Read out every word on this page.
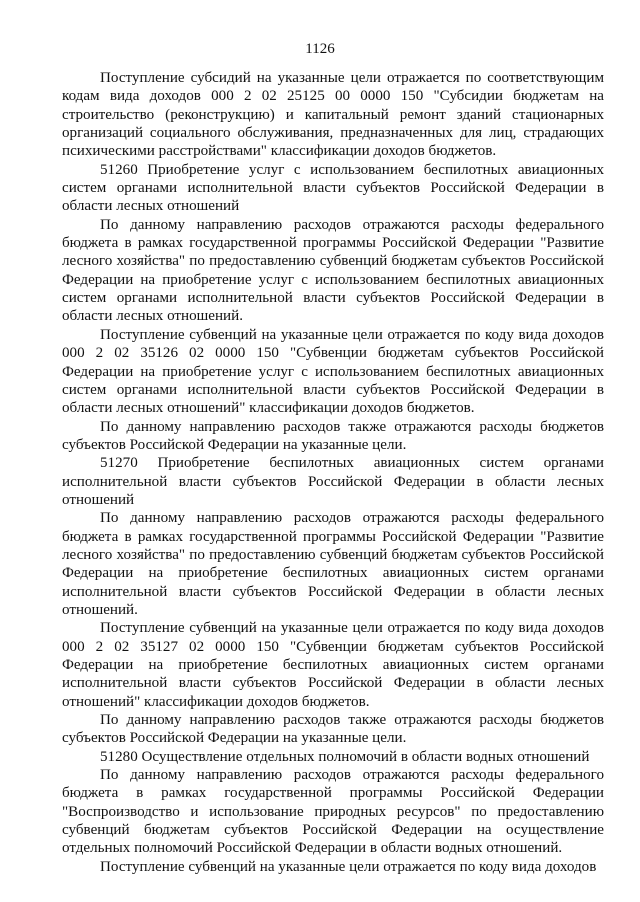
1126

Поступление субсидий на указанные цели отражается по соответствующим кодам вида доходов 000 2 02 25125 00 0000 150 "Субсидии бюджетам на строительство (реконструкцию) и капитальный ремонт зданий стационарных организаций социального обслуживания, предназначенных для лиц, страдающих психическими расстройствами" классификации доходов бюджетов.

51260 Приобретение услуг с использованием беспилотных авиационных систем органами исполнительной власти субъектов Российской Федерации в области лесных отношений

По данному направлению расходов отражаются расходы федерального бюджета в рамках государственной программы Российской Федерации "Развитие лесного хозяйства" по предоставлению субвенций бюджетам субъектов Российской Федерации на приобретение услуг с использованием беспилотных авиационных систем органами исполнительной власти субъектов Российской Федерации в области лесных отношений.

Поступление субвенций на указанные цели отражается по коду вида доходов 000 2 02 35126 02 0000 150 "Субвенции бюджетам субъектов Российской Федерации на приобретение услуг с использованием беспилотных авиационных систем органами исполнительной власти субъектов Российской Федерации в области лесных отношений" классификации доходов бюджетов.

По данному направлению расходов также отражаются расходы бюджетов субъектов Российской Федерации на указанные цели.

51270 Приобретение беспилотных авиационных систем органами исполнительной власти субъектов Российской Федерации в области лесных отношений

По данному направлению расходов отражаются расходы федерального бюджета в рамках государственной программы Российской Федерации "Развитие лесного хозяйства" по предоставлению субвенций бюджетам субъектов Российской Федерации на приобретение беспилотных авиационных систем органами исполнительной власти субъектов Российской Федерации в области лесных отношений.

Поступление субвенций на указанные цели отражается по коду вида доходов 000 2 02 35127 02 0000 150 "Субвенции бюджетам субъектов Российской Федерации на приобретение беспилотных авиационных систем органами исполнительной власти субъектов Российской Федерации в области лесных отношений" классификации доходов бюджетов.

По данному направлению расходов также отражаются расходы бюджетов субъектов Российской Федерации на указанные цели.

51280 Осуществление отдельных полномочий в области водных отношений

По данному направлению расходов отражаются расходы федерального бюджета в рамках государственной программы Российской Федерации "Воспроизводство и использование природных ресурсов" по предоставлению субвенций бюджетам субъектов Российской Федерации на осуществление отдельных полномочий Российской Федерации в области водных отношений.

Поступление субвенций на указанные цели отражается по коду вида доходов
